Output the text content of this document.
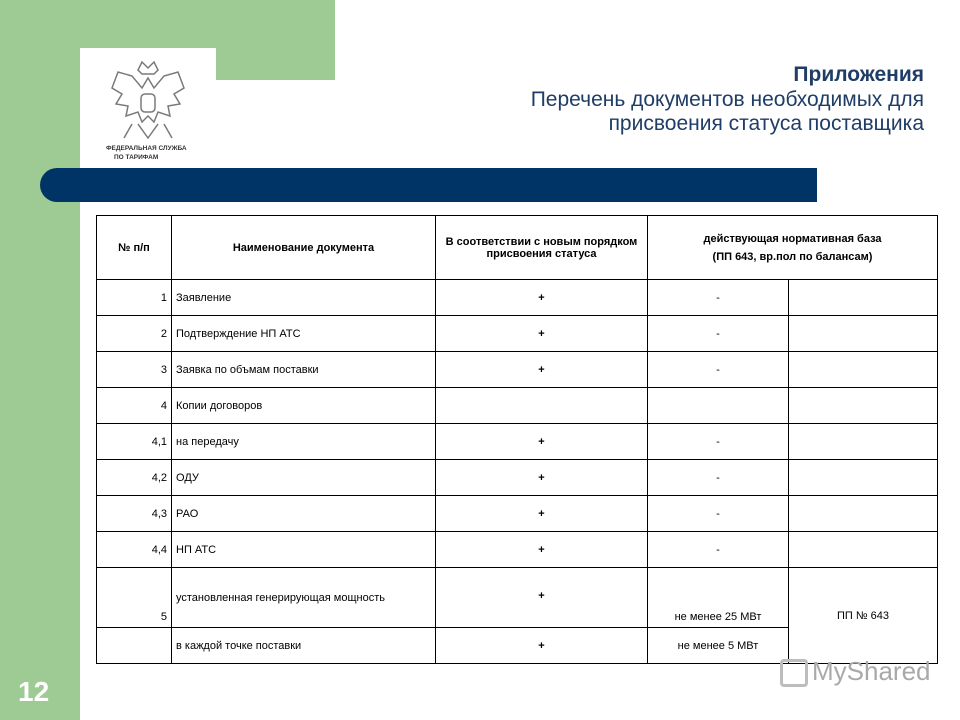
ФЕДЕРАЛЬНАЯ СЛУЖБА
ПО ТАРИФАМ
Приложения
Перечень документов необходимых для
присвоения статуса поставщика
№ п/п	Наименование документа	В соответствии с новым порядком присвоения статуса	действующая нормативная база
(ПП 643, вр.пол по балансам)	

1	Заявление	+	-	
2	Подтверждение НП АТС	+	-	
3	Заявка по объмам поставки	+	-	
4	Копии договоров			
4,1	на передачу	+	-	
4,2	ОДУ	+	-	
4,3	РАО	+	-	
4,4	НП АТС	+	-	
5	установленная генерирующая мощность	+	не менее 25 МВт	ПП № 643
	в каждой точке поставки	+	не менее 5 МВт	
12
MyShared
